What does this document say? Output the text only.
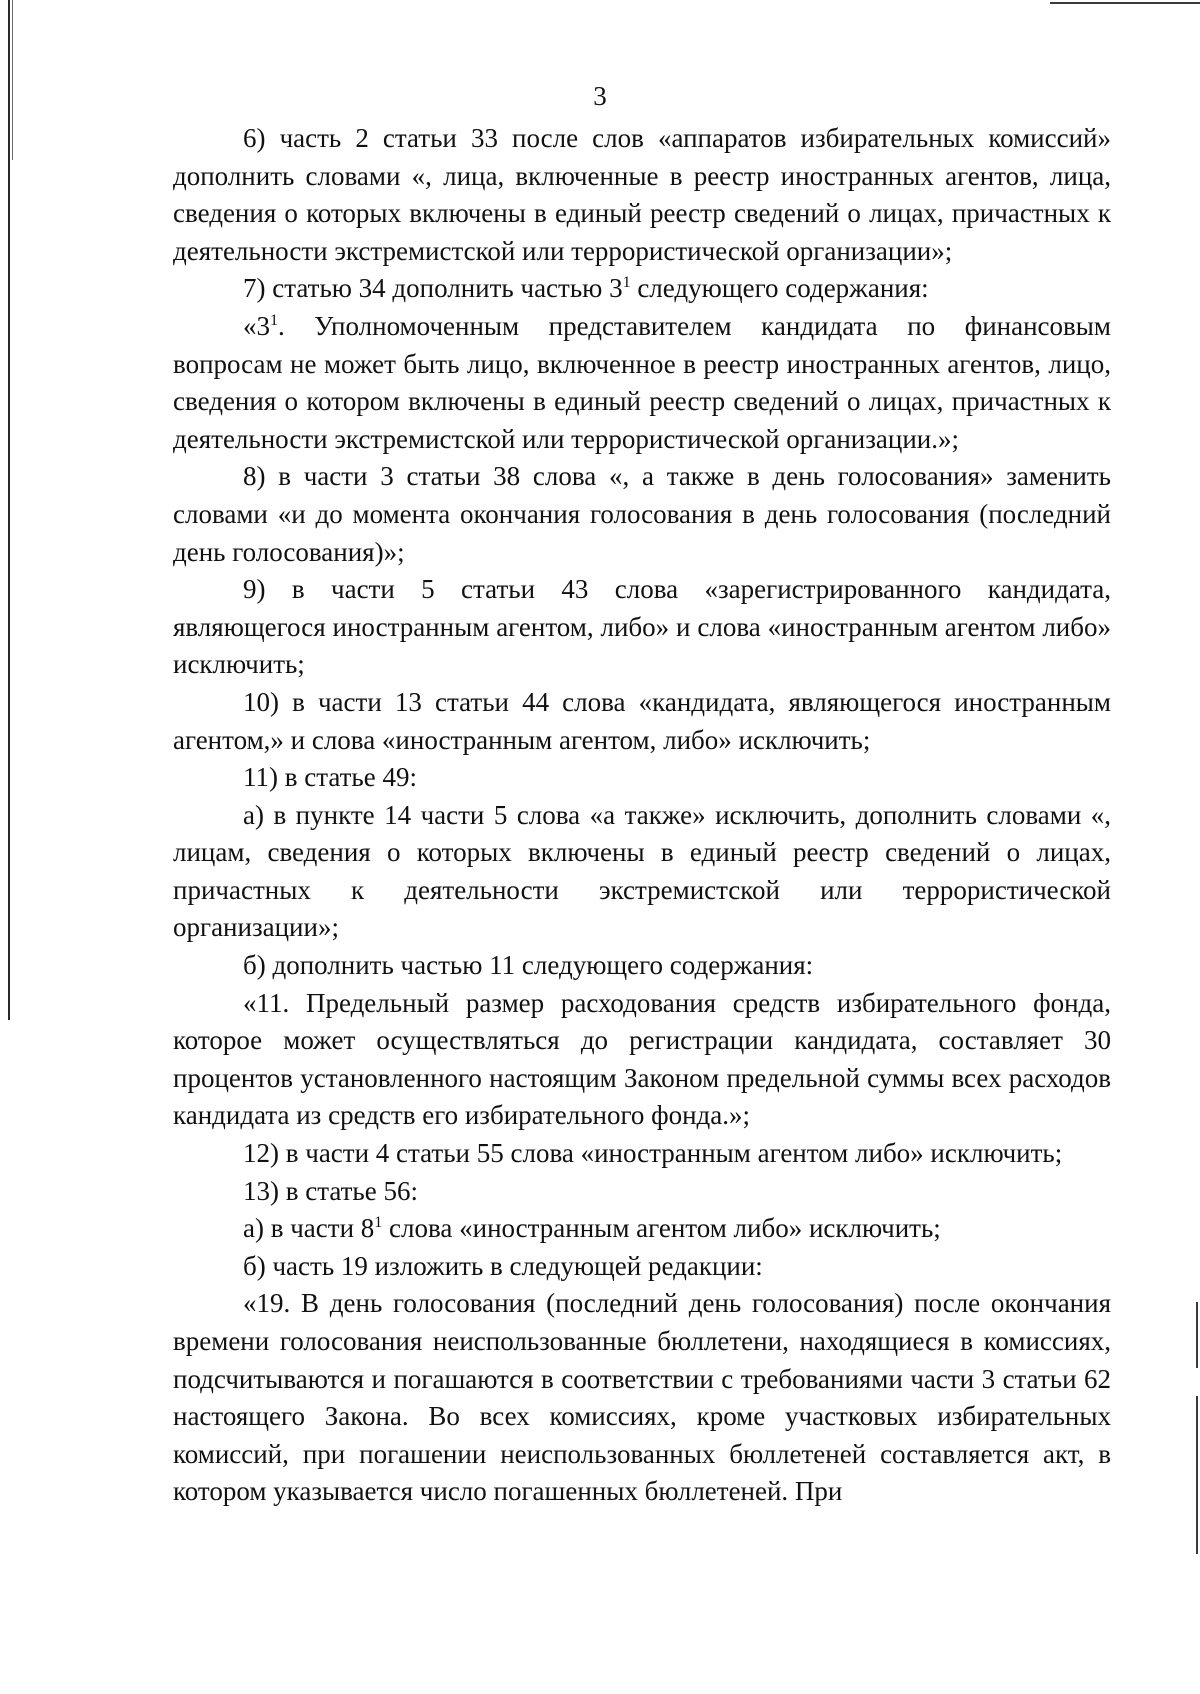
3

6) часть 2 статьи 33 после слов «аппаратов избирательных комиссий» дополнить словами «, лица, включенные в реестр иностранных агентов, лица, сведения о которых включены в единый реестр сведений о лицах, причастных к деятельности экстремистской или террористической организации»;

7) статью 34 дополнить частью $3^1$ следующего содержания:

«$3^1$. Уполномоченным представителем кандидата по финансовым вопросам не может быть лицо, включенное в реестр иностранных агентов, лицо, сведения о котором включены в единый реестр сведений о лицах, причастных к деятельности экстремистской или террористической организации.»;

8) в части 3 статьи 38 слова «, а также в день голосования» заменить словами «и до момента окончания голосования в день голосования (последний день голосования)»;

9) в части 5 статьи 43 слова «зарегистрированного кандидата, являющегося иностранным агентом, либо» и слова «иностранным агентом либо» исключить;

10) в части 13 статьи 44 слова «кандидата, являющегося иностранным агентом,» и слова «иностранным агентом, либо» исключить;

11) в статье 49:

а) в пункте 14 части 5 слова «а также» исключить, дополнить словами «, лицам, сведения о которых включены в единый реестр сведений о лицах, причастных к деятельности экстремистской или террористической организации»;

б) дополнить частью 11 следующего содержания:

«11. Предельный размер расходования средств избирательного фонда, которое может осуществляться до регистрации кандидата, составляет 30 процентов установленного настоящим Законом предельной суммы всех расходов кандидата из средств его избирательного фонда.»;

12) в части 4 статьи 55 слова «иностранным агентом либо» исключить;

13) в статье 56:

а) в части $8^1$ слова «иностранным агентом либо» исключить;

б) часть 19 изложить в следующей редакции:

«19. В день голосования (последний день голосования) после окончания времени голосования неиспользованные бюллетени, находящиеся в комиссиях, подсчитываются и погашаются в соответствии с требованиями части 3 статьи 62 настоящего Закона. Во всех комиссиях, кроме участковых избирательных комиссий, при погашении неиспользованных бюллетеней составляется акт, в котором указывается число погашенных бюллетеней. При
